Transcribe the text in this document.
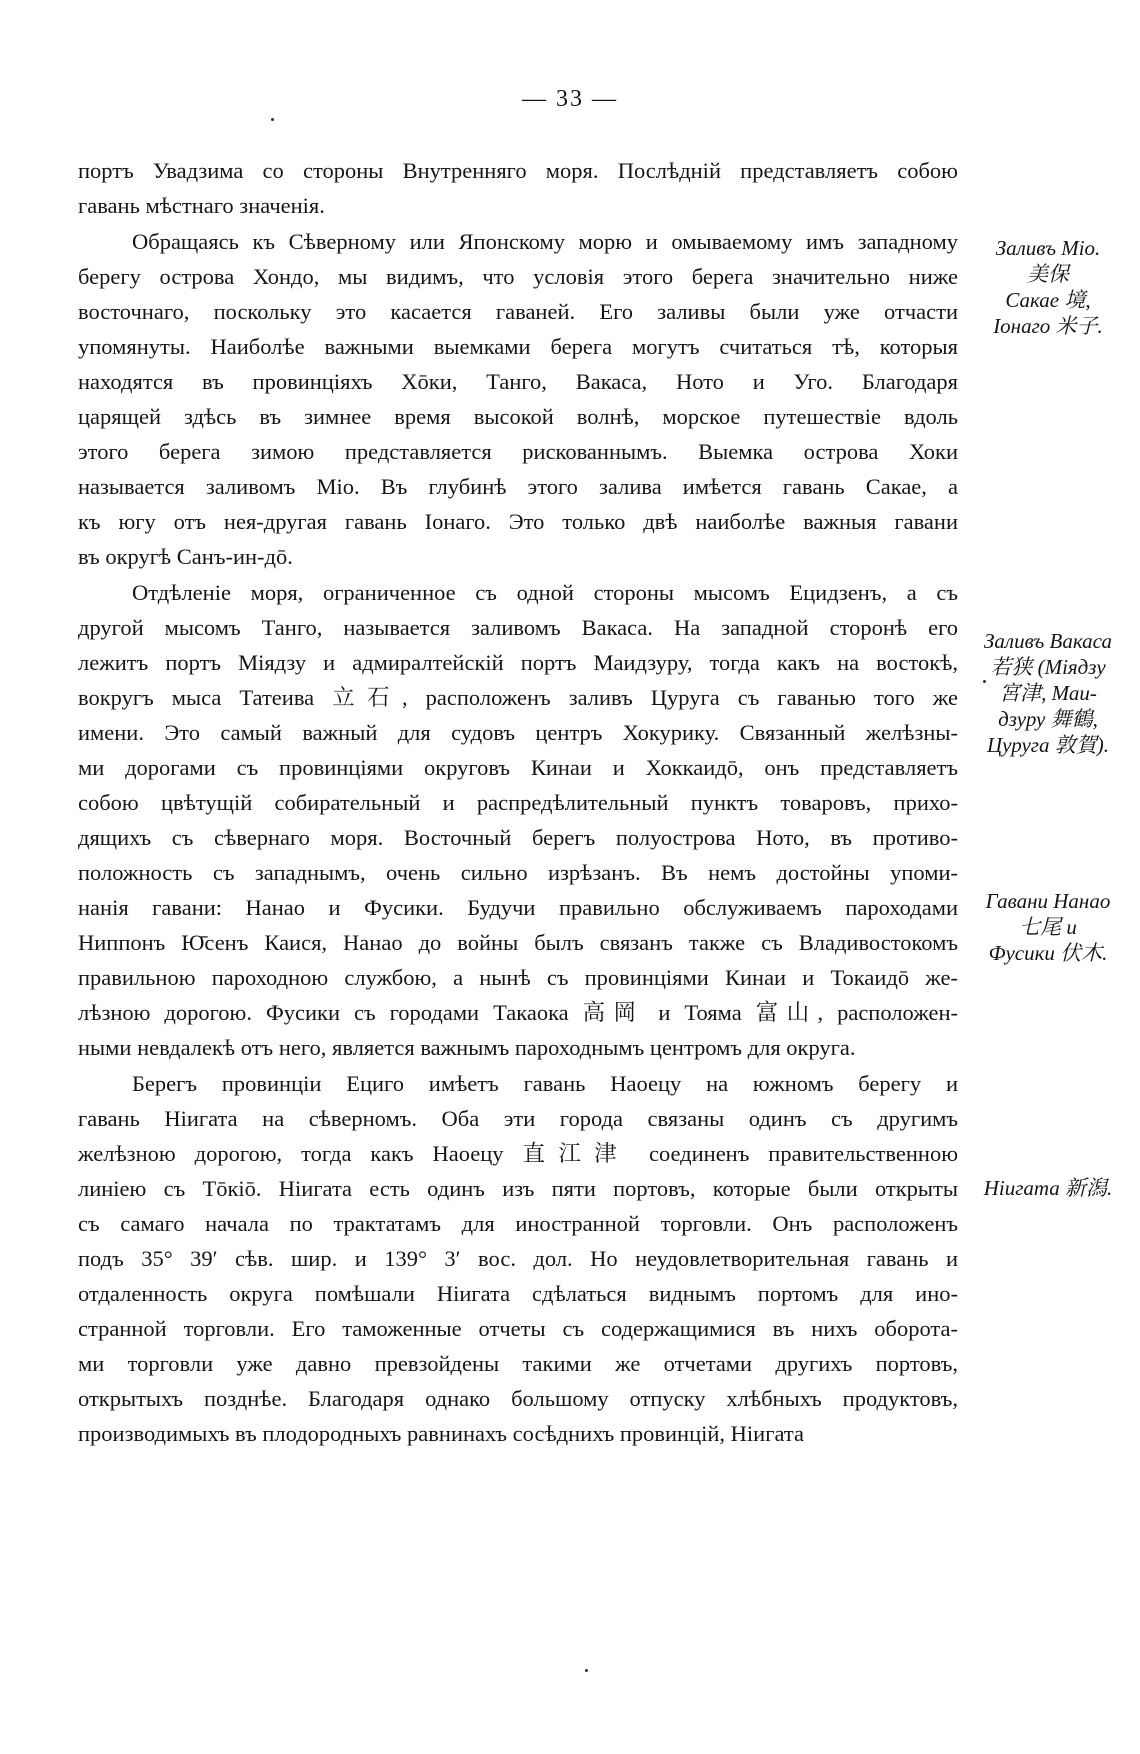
— 33 —
портъ Увадзима со стороны Внутренняго моря. Послѣдній представляетъ собою
гавань мѣстнаго значенія.
Обращаясь къ Сѣверному или Японскому морю и омываемому имъ западному
берегу острова Хондо, мы видимъ, что условія этого берега значительно ниже
восточнаго, поскольку это касается гаваней. Его заливы были уже отчасти
упомянуты. Наиболѣе важными выемками берега могутъ считаться тѣ, которыя
находятся въ провинціяхъ Хōки, Танго, Вакаса, Ното и Уго. Благодаря
царящей здѣсь въ зимнее время высокой волнѣ, морское путешествіе вдоль
этого берега зимою представляется рискованнымъ. Выемка острова Хоки
называется заливомъ Міо. Въ глубинѣ этого залива имѣется гавань Сакае, а
къ югу отъ нея-другая гавань Іонаго. Это только двѣ наиболѣе важныя гавани
въ округѣ Санъ-ин-дō.
Отдѣленіе моря, ограниченное съ одной стороны мысомъ Ецидзенъ, а съ
другой мысомъ Танго, называется заливомъ Вакаса. На западной сторонѣ его
лежитъ портъ Міядзу и адмиралтейскій портъ Маидзуру, тогда какъ на востокѣ,
вокругъ мыса Татеива 立石, расположенъ заливъ Цуруга съ гаванью того же
имени. Это самый важный для судовъ центръ Хокурику. Связанный желѣзны-
ми дорогами съ провинціями округовъ Кинаи и Хоккаидō, онъ представляетъ
собою цвѣтущій собирательный и распредѣлительный пунктъ товаровъ, прихо-
дящихъ съ сѣвернаго моря. Восточный берегъ полуострова Ното, въ противо-
положность съ западнымъ, очень сильно изрѣзанъ. Въ немъ достойны упоми-
нанія гавани: Нанао и Фусики. Будучи правильно обслуживаемъ пароходами
Ниппонъ Ю̄сенъ Каися, Нанао до войны былъ связанъ также съ Владивостокомъ
правильною пароходною службою, а нынѣ съ провинціями Кинаи и Токаидō же-
лѣзною дорогою. Фусики съ городами Такаока 高岡 и Тояма 富山, расположен-
ными невдалекѣ отъ него, является важнымъ пароходнымъ центромъ для округа.
Берегъ провинціи Ециго имѣетъ гавань Наоецу на южномъ берегу и
гавань Ніигата на сѣверномъ. Оба эти города связаны одинъ съ другимъ
желѣзною дорогою, тогда какъ Наоецу 直江津 соединенъ правительственною
линіею съ Тōкiō. Ніигата есть одинъ изъ пяти портовъ, которые были открыты
съ самаго начала по трактатамъ для иностранной торговли. Онъ расположенъ
подъ 35° 39′ сѣв. шир. и 139° 3′ вос. дол. Но неудовлетворительная гавань и
отдаленность округа помѣшали Ніигата сдѣлаться виднымъ портомъ для ино-
странной торговли. Его таможенные отчеты съ содержащимися въ нихъ оборота-
ми торговли уже давно превзойдены такими же отчетами другихъ портовъ,
открытыхъ позднѣе. Благодаря однако большому отпуску хлѣбныхъ продуктовъ,
производимыхъ въ плодородныхъ равнинахъ сосѣднихъ провинцій, Ніигата
Заливъ Міо.
美保
Сакае 境,
Іонаго 米子.
Заливъ Вакаса
若狭 (Міядзу
宮津, Маи-
дзуру 舞鶴,
Цуруга 敦賀).
Гавани Нанао
七尾 и
Фусики 伏木.
Ніигата 新潟.
